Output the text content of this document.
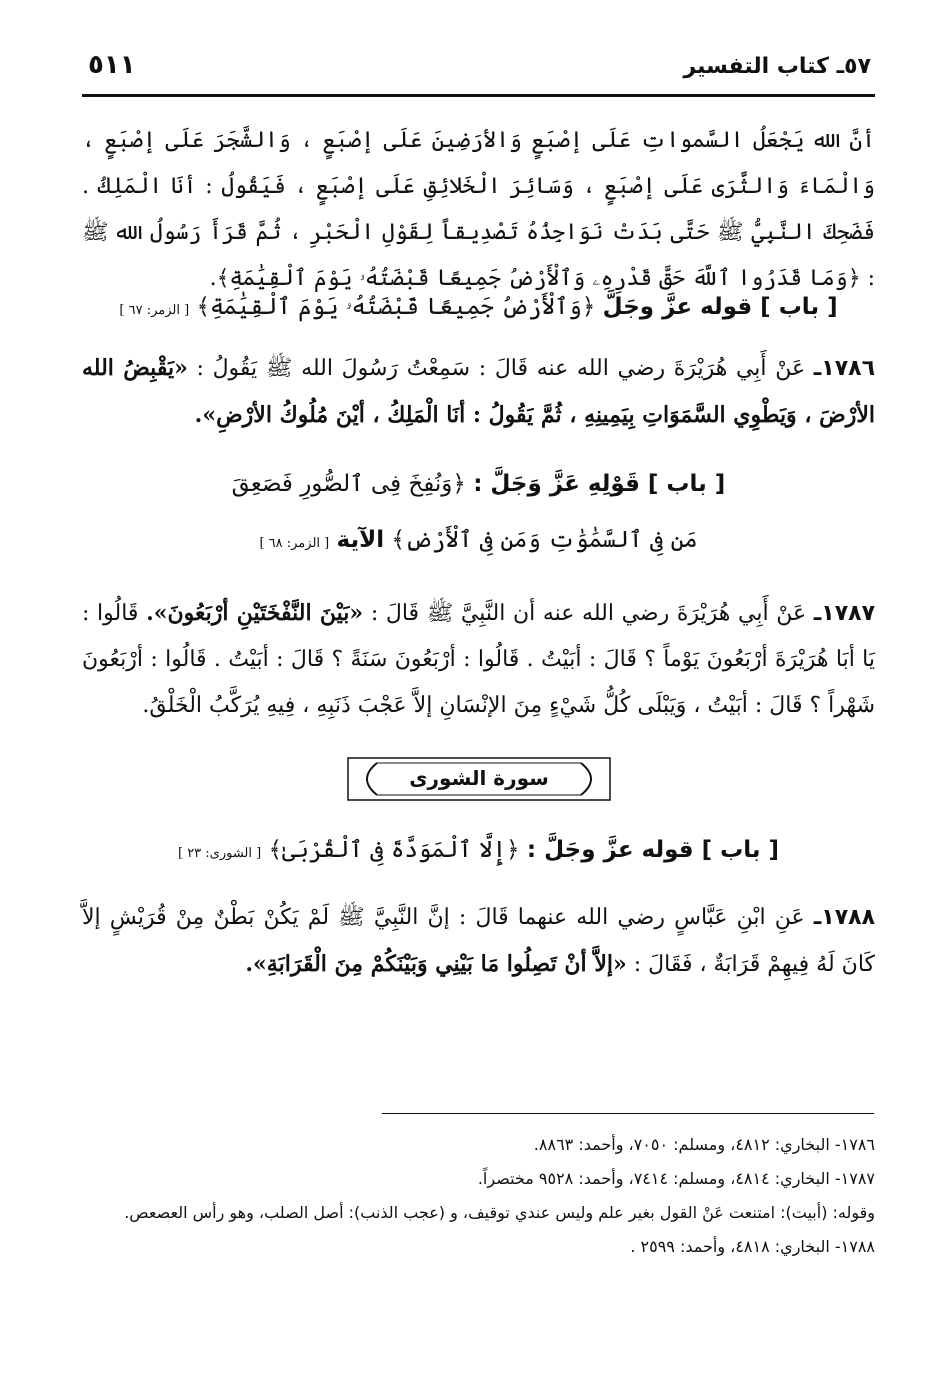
٥٧ـ كتاب التفسير
٥١١
أنَّ الله يَجْعَلُ السَّمواتِ عَلَى إصْبَعٍ وَالأرَضِينَ عَلَى إصْبَعٍ ، وَالشَّجَرَ عَلَى إصْبَعٍ ، وَالْمَاءَ وَالثَّرَى عَلَى إصْبَعٍ ، وَسَائِرَ الْخَلائِقِ عَلَى إصْبَعٍ ، فَيَقُولُ : أنَا الْمَلِكُ . فَضَحِكَ النَّبِيُّ ﷺ حَتَّى بَدَتْ نَوَاجِذُهُ تَصْدِيقاً لِقَوْلِ الْحَبْرِ ، ثُمَّ قَرَأَ رَسُولُ الله ﷺ : ﴿وَمَا قَدَرُوا ٱللَّهَ حَقَّ قَدْرِهِۦ وَٱلْأَرْضُ جَمِيعًا قَبْضَتُهُۥ يَوْمَ ٱلْقِيَٰمَةِ﴾.
[ باب ] قوله عزَّ وجَلَّ ﴿وَٱلْأَرْضُ جَمِيعًا قَبْضَتُهُۥ يَوْمَ ٱلْقِيَٰمَةِ﴾ [ الزمر: ٦٧ ]
١٧٨٦ـ عَنْ أَبِي هُرَيْرَةَ رضي الله عنه قَالَ : سَمِعْتُ رَسُولَ الله ﷺ يَقُولُ : «يَقْبِضُ الله الأرْضَ ، وَيَطْوِي السَّمَوَاتِ بِيَمِينِهِ ، ثُمَّ يَقُولُ : أنَا الْمَلِكُ ، أيْنَ مُلُوكُ الأرْضِ».
[ باب ] قَوْلِهِ عَزَّ وَجَلَّ : ﴿وَنُفِخَ فِى ٱلصُّورِ فَصَعِقَ
مَن فِى ٱلسَّمَٰوَٰتِ وَمَن فِى ٱلْأَرْضِ﴾ الآية [ الزمر: ٦٨ ]
١٧٨٧ـ عَنْ أَبِي هُرَيْرَةَ رضي الله عنه أن النَّبِيَّ ﷺ قَالَ : «بَيْنَ النَّفْخَتَيْنِ أرْبَعُونَ». قَالُوا : يَا أبَا هُرَيْرَةَ أرْبَعُونَ يَوْماً ؟ قَالَ : أبَيْتُ . قَالُوا : أرْبَعُونَ سَنَةً ؟ قَالَ : أبَيْتُ . قَالُوا : أرْبَعُونَ شَهْراً ؟ قَالَ : أبَيْتُ ، وَيَبْلَى كُلُّ شَيْءٍ مِنَ الإنْسَانِ إلاَّ عَجْبَ ذَنَبِهِ ، فِيهِ يُرَكَّبُ الْخَلْقُ.
سورة الشورى
[ باب ] قوله عزَّ وجَلَّ : ﴿إِلَّا ٱلْمَوَدَّةَ فِى ٱلْقُرْبَىٰ﴾ [ الشورى: ٢٣ ]
١٧٨٨ـ عَنِ ابْنِ عَبَّاسٍ رضي الله عنهما قَالَ : إنَّ النَّبِيَّ ﷺ لَمْ يَكُنْ بَطْنٌ مِنْ قُرَيْشٍ إلاَّ كَانَ لَهُ فِيهِمْ قَرَابَةٌ ، فَقَالَ : «إلاَّ أنْ تَصِلُوا مَا بَيْنِي وَبَيْنَكُمْ مِنَ الْقَرَابَةِ».
١٧٨٦- البخاري: ٤٨١٢، ومسلم: ٧٠٥٠، وأحمد: ٨٨٦٣.
١٧٨٧- البخاري: ٤٨١٤، ومسلم: ٧٤١٤، وأحمد: ٩٥٢٨ مختصراً.
وقوله: (أبيت): امتنعت عَنْ القول بغير علم وليس عندي توقيف، و (عجب الذنب): أصل الصلب، وهو رأس العصعص.
١٧٨٨- البخاري: ٤٨١٨، وأحمد: ٢٥٩٩ .
